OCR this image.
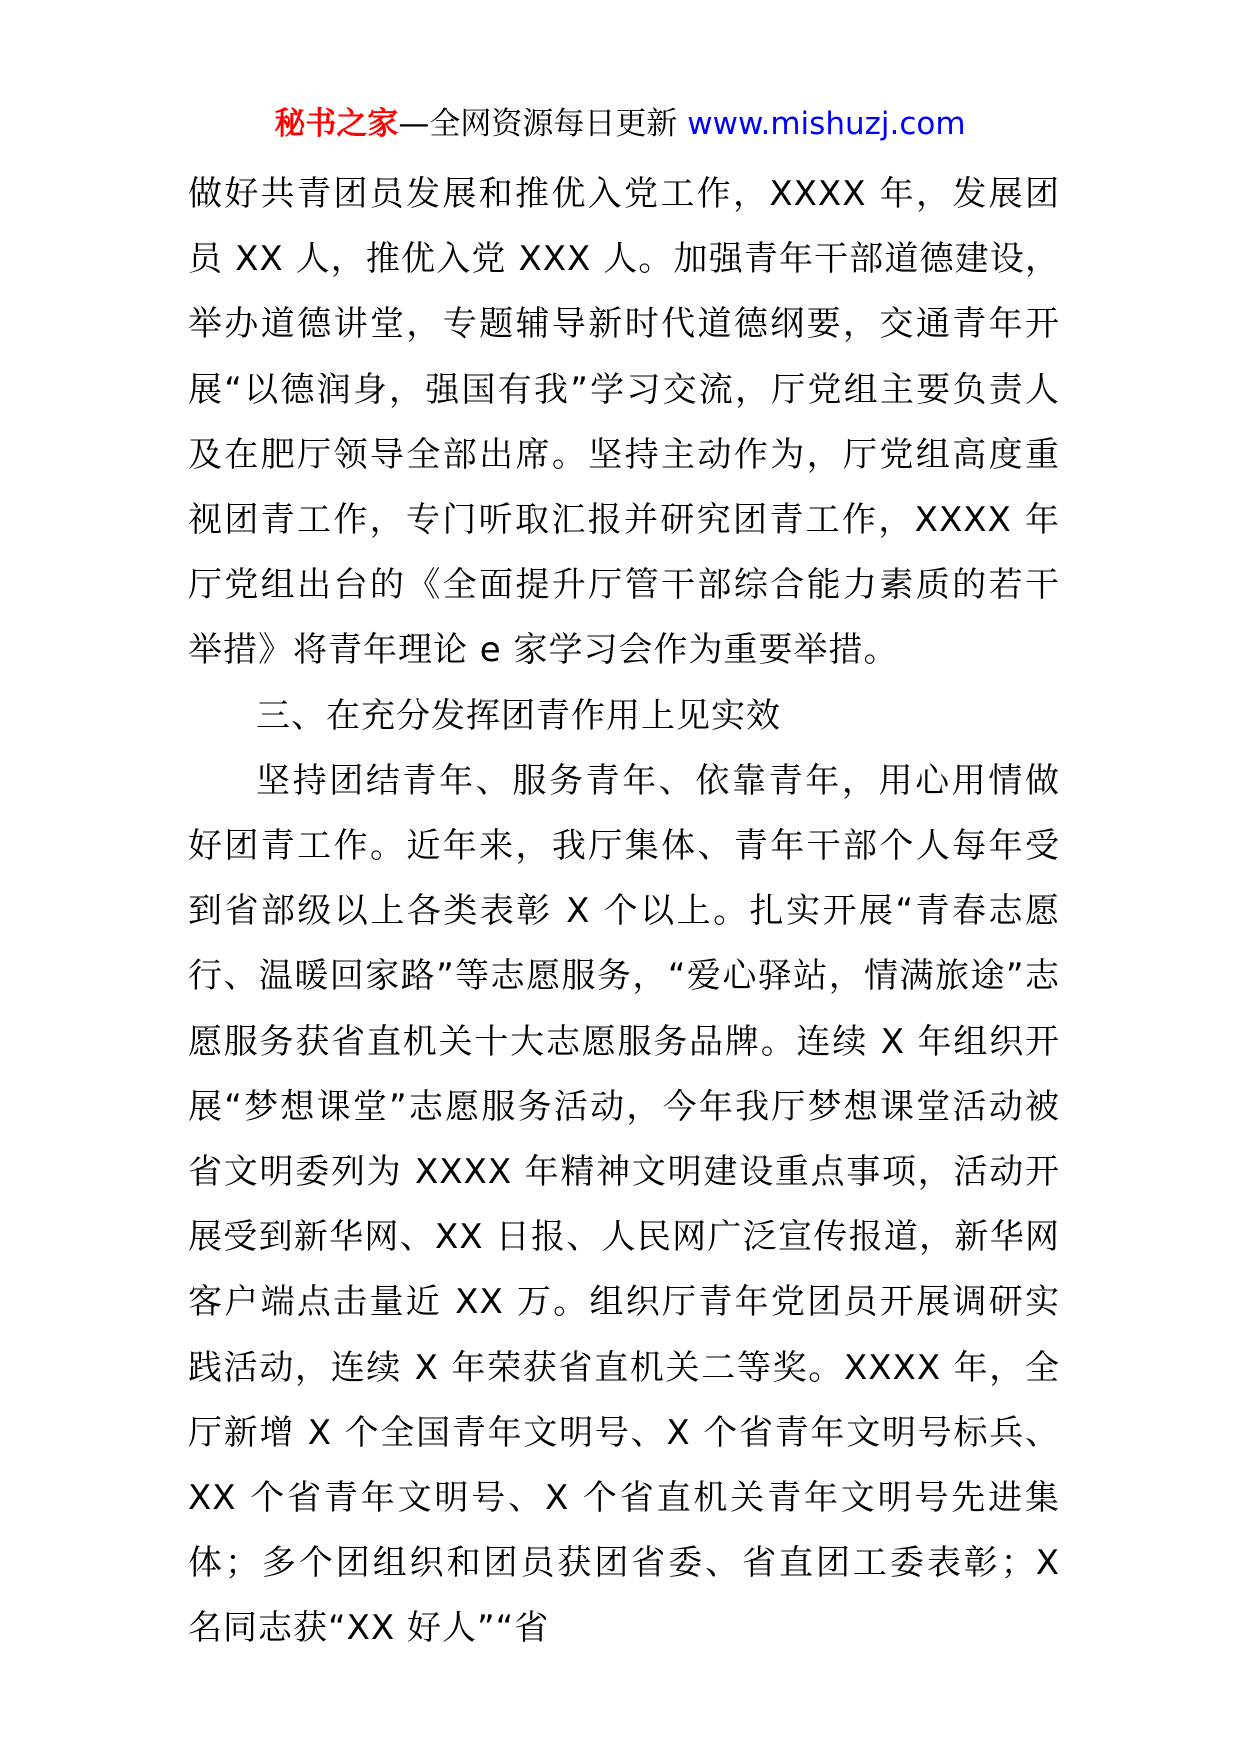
秘书之家—全网资源每日更新 www.mishuzj.com

做好共青团员发展和推优入党工作，XXXX 年，发展团员 XX 人，推优入党 XXX 人。加强青年干部道德建设，举办道德讲堂，专题辅导新时代道德纲要，交通青年开展“以德润身，强国有我”学习交流，厅党组主要负责人及在肥厅领导全部出席。坚持主动作为，厅党组高度重视团青工作，专门听取汇报并研究团青工作，XXXX 年厅党组出台的《全面提升厅管干部综合能力素质的若干举措》将青年理论 e 家学习会作为重要举措。

三、在充分发挥团青作用上见实效

坚持团结青年、服务青年、依靠青年，用心用情做好团青工作。近年来，我厅集体、青年干部个人每年受到省部级以上各类表彰 X 个以上。扎实开展“青春志愿行、温暖回家路”等志愿服务，“爱心驿站，情满旅途”志愿服务获省直机关十大志愿服务品牌。连续 X 年组织开展“梦想课堂”志愿服务活动，今年我厅梦想课堂活动被省文明委列为 XXXX 年精神文明建设重点事项，活动开展受到新华网、XX 日报、人民网广泛宣传报道，新华网客户端点击量近 XX 万。组织厅青年党团员开展调研实践活动，连续 X 年荣获省直机关二等奖。XXXX 年，全厅新增 X 个全国青年文明号、X 个省青年文明号标兵、XX 个省青年文明号、X 个省直机关青年文明号先进集体；多个团组织和团员获团省委、省直团工委表彰；X 名同志获“XX 好人”“省
